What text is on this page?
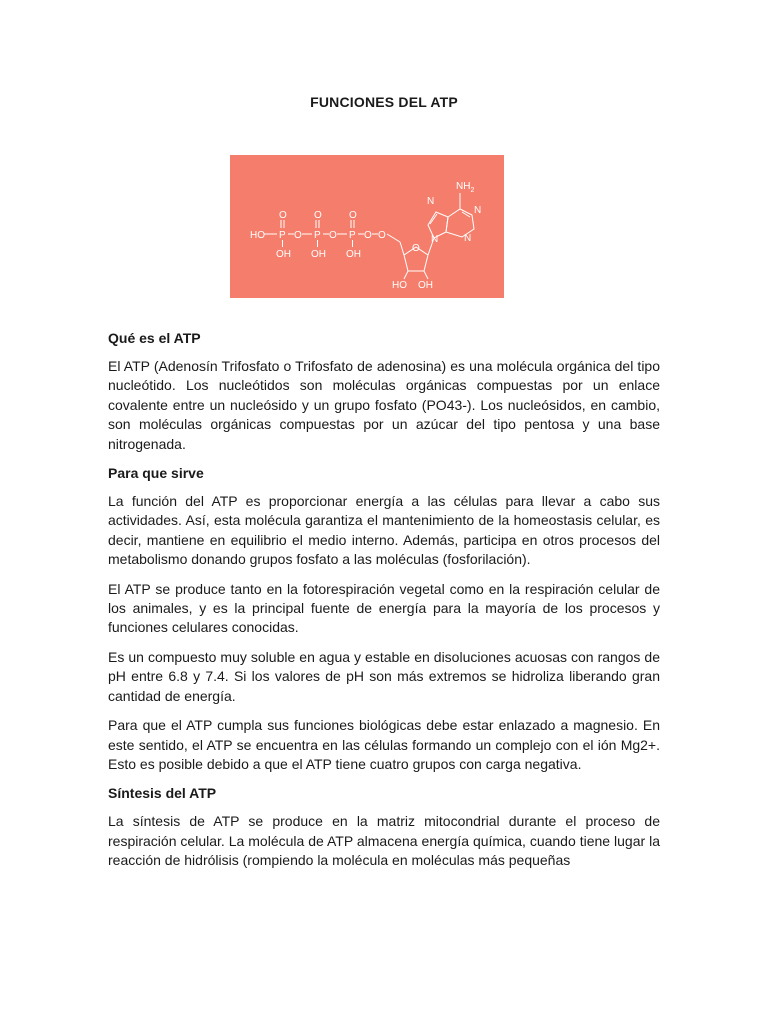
FUNCIONES DEL ATP
HO P
O
OH
O P
O
OH
O P
O
OH
O O
O
N
N
N
N
$NH_2$
HO OH
Qué es el ATP

El ATP (Adenosín Trifosfato o Trifosfato de adenosina) es una molécula orgánica del tipo nucleótido. Los nucleótidos son moléculas orgánicas compuestas por un enlace covalente entre un nucleósido y un grupo fosfato (PO43-). Los nucleósidos, en cambio, son moléculas orgánicas compuestas por un azúcar del tipo pentosa y una base nitrogenada.

Para que sirve

La función del ATP es proporcionar energía a las células para llevar a cabo sus actividades. Así, esta molécula garantiza el mantenimiento de la homeostasis celular, es decir, mantiene en equilibrio el medio interno. Además, participa en otros procesos del metabolismo donando grupos fosfato a las moléculas (fosforilación).

El ATP se produce tanto en la fotorespiración vegetal como en la respiración celular de los animales, y es la principal fuente de energía para la mayoría de los procesos y funciones celulares conocidas.

Es un compuesto muy soluble en agua y estable en disoluciones acuosas con rangos de pH entre 6.8 y 7.4. Si los valores de pH son más extremos se hidroliza liberando gran cantidad de energía.

Para que el ATP cumpla sus funciones biológicas debe estar enlazado a magnesio. En este sentido, el ATP se encuentra en las células formando un complejo con el ión Mg2+. Esto es posible debido a que el ATP tiene cuatro grupos con carga negativa.

Síntesis del ATP

La síntesis de ATP se produce en la matriz mitocondrial durante el proceso de respiración celular. La molécula de ATP almacena energía química, cuando tiene lugar la reacción de hidrólisis (rompiendo la molécula en moléculas más pequeñas
